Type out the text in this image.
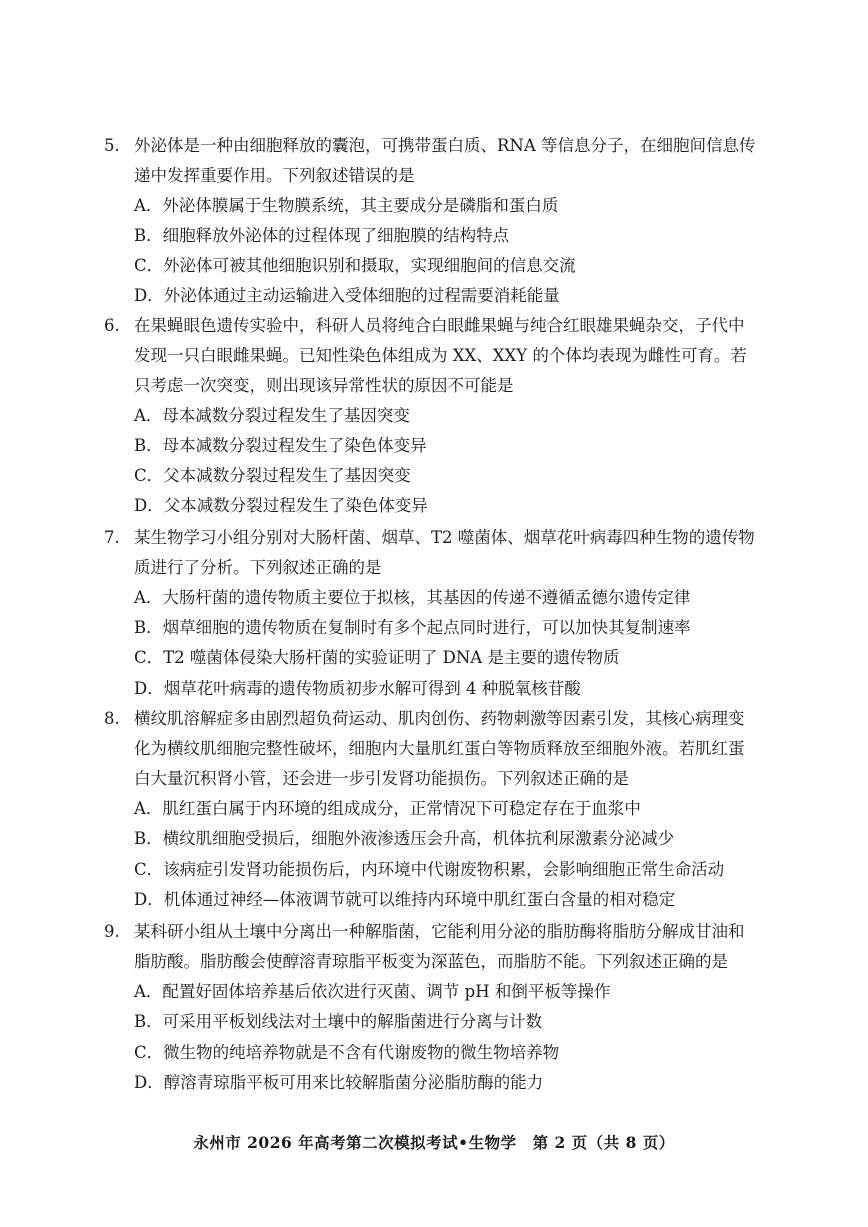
5. 外泌体是一种由细胞释放的囊泡，可携带蛋白质、RNA 等信息分子，在细胞间信息传
递中发挥重要作用。下列叙述错误的是
A．外泌体膜属于生物膜系统，其主要成分是磷脂和蛋白质
B．细胞释放外泌体的过程体现了细胞膜的结构特点
C．外泌体可被其他细胞识别和摄取，实现细胞间的信息交流
D．外泌体通过主动运输进入受体细胞的过程需要消耗能量
6. 在果蝇眼色遗传实验中，科研人员将纯合白眼雌果蝇与纯合红眼雄果蝇杂交，子代中
发现一只白眼雌果蝇。已知性染色体组成为 XX、XXY 的个体均表现为雌性可育。若
只考虑一次突变，则出现该异常性状的原因不可能是
A．母本减数分裂过程发生了基因突变
B．母本减数分裂过程发生了染色体变异
C．父本减数分裂过程发生了基因突变
D．父本减数分裂过程发生了染色体变异
7. 某生物学习小组分别对大肠杆菌、烟草、T2 噬菌体、烟草花叶病毒四种生物的遗传物
质进行了分析。下列叙述正确的是
A．大肠杆菌的遗传物质主要位于拟核，其基因的传递不遵循孟德尔遗传定律
B．烟草细胞的遗传物质在复制时有多个起点同时进行，可以加快其复制速率
C．T2 噬菌体侵染大肠杆菌的实验证明了 DNA 是主要的遗传物质
D．烟草花叶病毒的遗传物质初步水解可得到 4 种脱氧核苷酸
8. 横纹肌溶解症多由剧烈超负荷运动、肌肉创伤、药物刺激等因素引发，其核心病理变
化为横纹肌细胞完整性破坏，细胞内大量肌红蛋白等物质释放至细胞外液。若肌红蛋
白大量沉积肾小管，还会进一步引发肾功能损伤。下列叙述正确的是
A．肌红蛋白属于内环境的组成成分，正常情况下可稳定存在于血浆中
B．横纹肌细胞受损后，细胞外液渗透压会升高，机体抗利尿激素分泌减少
C．该病症引发肾功能损伤后，内环境中代谢废物积累，会影响细胞正常生命活动
D．机体通过神经—体液调节就可以维持内环境中肌红蛋白含量的相对稳定
9. 某科研小组从土壤中分离出一种解脂菌，它能利用分泌的脂肪酶将脂肪分解成甘油和
脂肪酸。脂肪酸会使醇溶青琼脂平板变为深蓝色，而脂肪不能。下列叙述正确的是
A．配置好固体培养基后依次进行灭菌、调节 pH 和倒平板等操作
B．可采用平板划线法对土壤中的解脂菌进行分离与计数
C．微生物的纯培养物就是不含有代谢废物的微生物培养物
D．醇溶青琼脂平板可用来比较解脂菌分泌脂肪酶的能力
永州市 2026 年高考第二次模拟考试•生物学　第 2 页（共 8 页）
